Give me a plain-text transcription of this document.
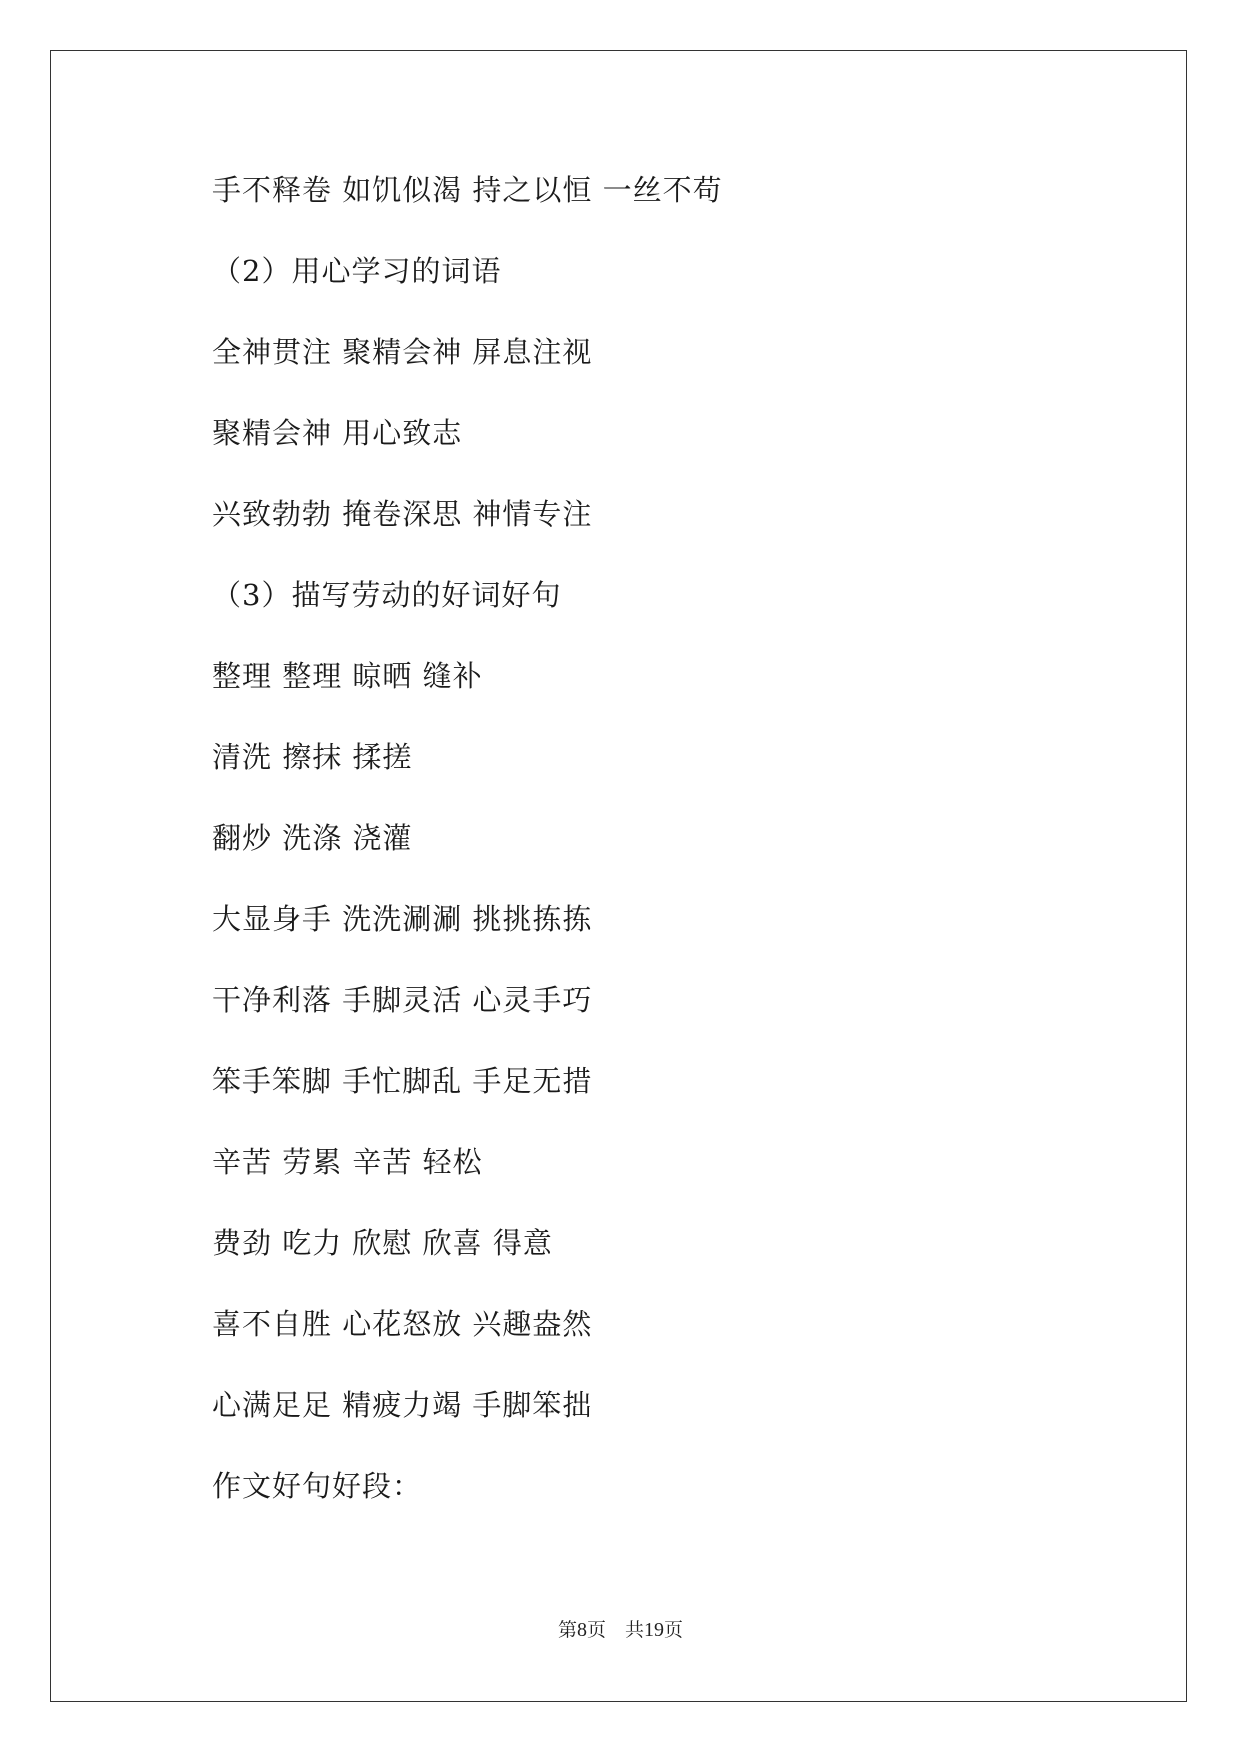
手不释卷 如饥似渴 持之以恒 一丝不苟
（2）用心学习的词语
全神贯注 聚精会神 屏息注视
聚精会神 用心致志
兴致勃勃 掩卷深思 神情专注
（3）描写劳动的好词好句
整理 整理 晾晒 缝补
清洗 擦抹 揉搓
翻炒 洗涤 浇灌
大显身手 洗洗涮涮 挑挑拣拣
干净利落 手脚灵活 心灵手巧
笨手笨脚 手忙脚乱 手足无措
辛苦 劳累 辛苦 轻松
费劲 吃力 欣慰 欣喜 得意
喜不自胜 心花怒放 兴趣盎然
心满足足 精疲力竭 手脚笨拙
作文好句好段：
第8页 共19页
